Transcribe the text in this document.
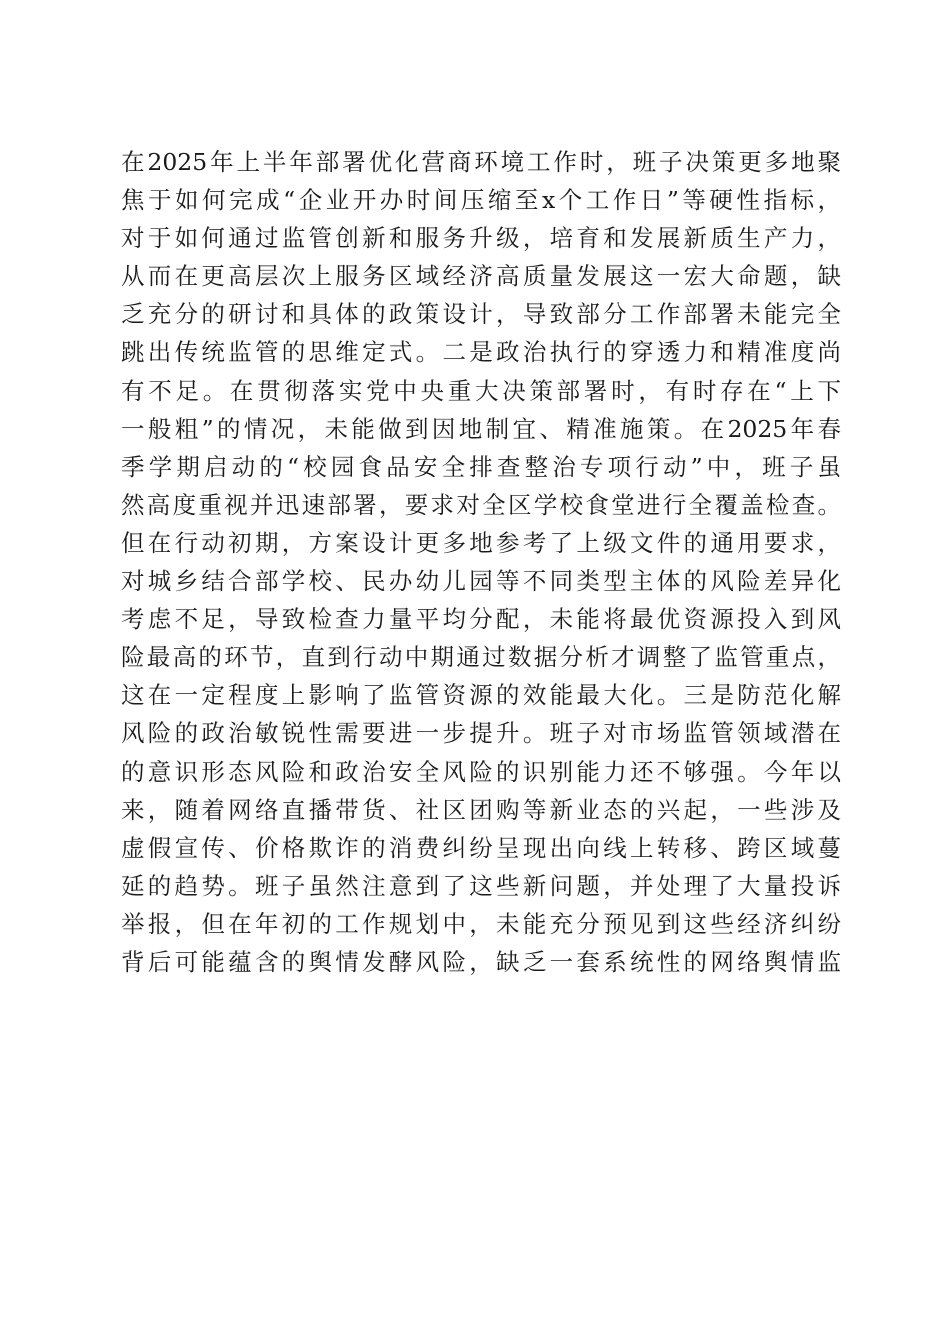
在2025年上半年部署优化营商环境工作时，班子决策更多地聚
焦于如何完成“企业开办时间压缩至x个工作日”等硬性指标，
对于如何通过监管创新和服务升级，培育和发展新质生产力，
从而在更高层次上服务区域经济高质量发展这一宏大命题，缺
乏充分的研讨和具体的政策设计，导致部分工作部署未能完全
跳出传统监管的思维定式。二是政治执行的穿透力和精准度尚
有不足。在贯彻落实党中央重大决策部署时，有时存在“上下
一般粗”的情况，未能做到因地制宜、精准施策。在2025年春
季学期启动的“校园食品安全排查整治专项行动”中，班子虽
然高度重视并迅速部署，要求对全区学校食堂进行全覆盖检查。
但在行动初期，方案设计更多地参考了上级文件的通用要求，
对城乡结合部学校、民办幼儿园等不同类型主体的风险差异化
考虑不足，导致检查力量平均分配，未能将最优资源投入到风
险最高的环节，直到行动中期通过数据分析才调整了监管重点，
这在一定程度上影响了监管资源的效能最大化。三是防范化解
风险的政治敏锐性需要进一步提升。班子对市场监管领域潜在
的意识形态风险和政治安全风险的识别能力还不够强。今年以
来，随着网络直播带货、社区团购等新业态的兴起，一些涉及
虚假宣传、价格欺诈的消费纠纷呈现出向线上转移、跨区域蔓
延的趋势。班子虽然注意到了这些新问题，并处理了大量投诉
举报，但在年初的工作规划中，未能充分预见到这些经济纠纷
背后可能蕴含的舆情发酵风险，缺乏一套系统性的网络舆情监
